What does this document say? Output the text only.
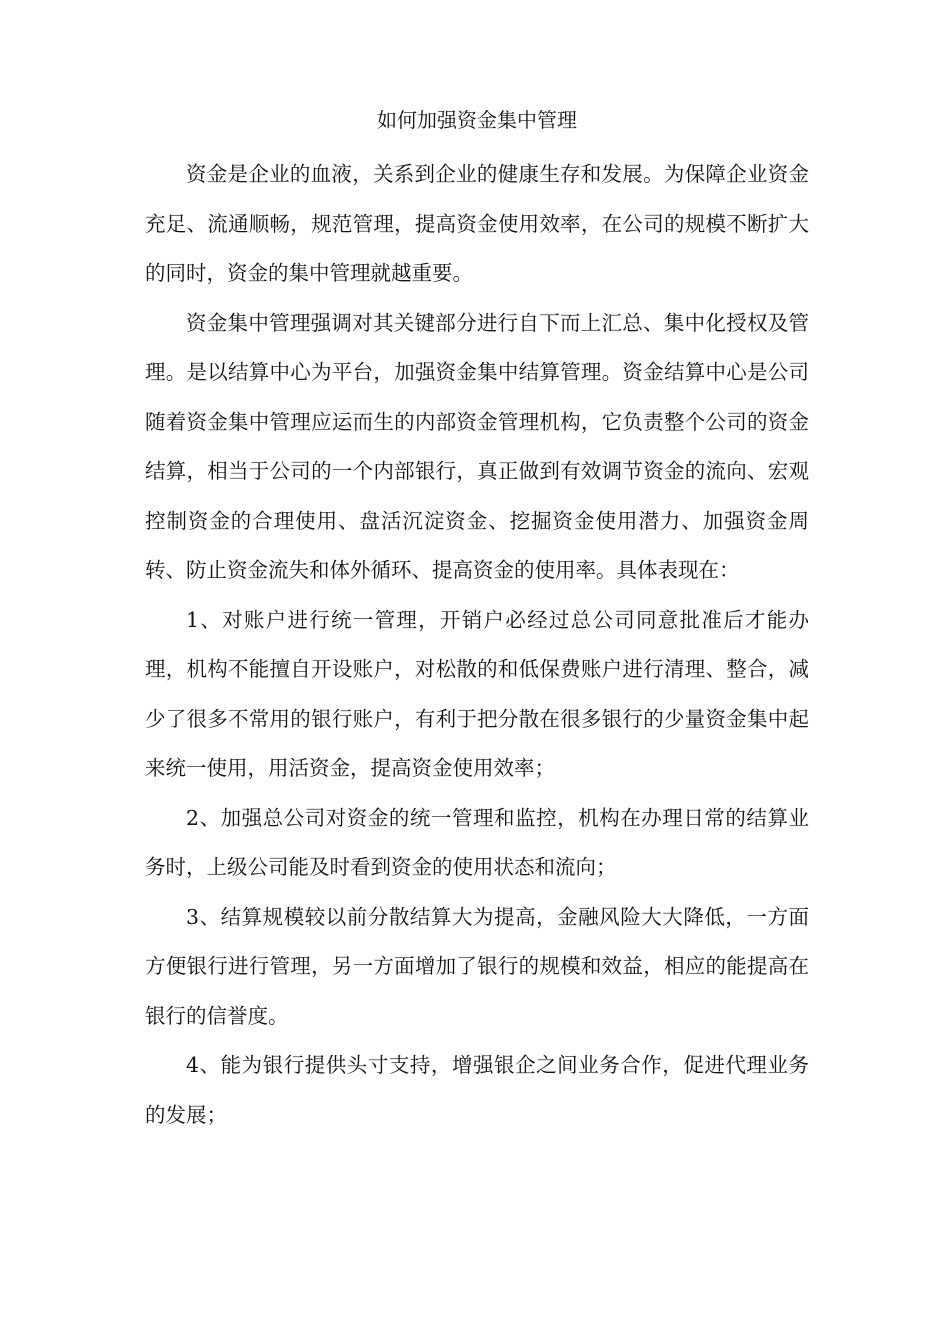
如何加强资金集中管理

资金是企业的血液，关系到企业的健康生存和发展。为保障企业资金充足、流通顺畅，规范管理，提高资金使用效率，在公司的规模不断扩大的同时，资金的集中管理就越重要。

资金集中管理强调对其关键部分进行自下而上汇总、集中化授权及管理。是以结算中心为平台，加强资金集中结算管理。资金结算中心是公司随着资金集中管理应运而生的内部资金管理机构，它负责整个公司的资金结算，相当于公司的一个内部银行，真正做到有效调节资金的流向、宏观控制资金的合理使用、盘活沉淀资金、挖掘资金使用潜力、加强资金周转、防止资金流失和体外循环、提高资金的使用率。具体表现在：

1、对账户进行统一管理，开销户必经过总公司同意批准后才能办理，机构不能擅自开设账户，对松散的和低保费账户进行清理、整合，减少了很多不常用的银行账户，有利于把分散在很多银行的少量资金集中起来统一使用，用活资金，提高资金使用效率；

2、加强总公司对资金的统一管理和监控，机构在办理日常的结算业务时，上级公司能及时看到资金的使用状态和流向；

3、结算规模较以前分散结算大为提高，金融风险大大降低，一方面方便银行进行管理，另一方面增加了银行的规模和效益，相应的能提高在银行的信誉度。

4、能为银行提供头寸支持，增强银企之间业务合作，促进代理业务的发展；
